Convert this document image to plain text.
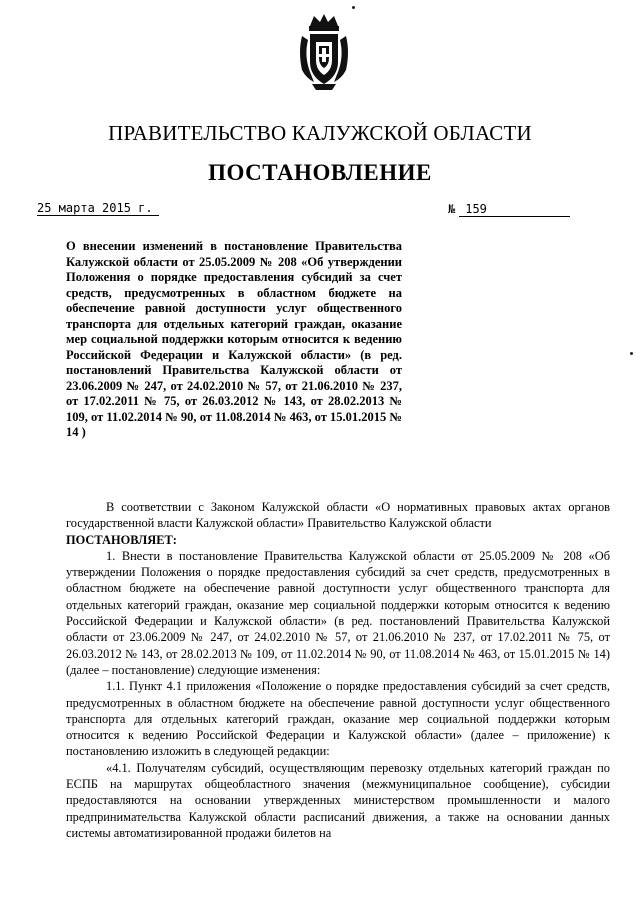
ПРАВИТЕЛЬСТВО КАЛУЖСКОЙ ОБЛАСТИ
ПОСТАНОВЛЕНИЕ
25 марта 2015 г.	№ 159
О внесении изменений в постановление Правительства Калужской области от 25.05.2009 № 208 «Об утверждении Положения о порядке предоставления субсидий за счет средств, предусмотренных в областном бюджете на обеспечение равной доступности услуг общественного транспорта для отдельных категорий граждан, оказание мер социальной поддержки которым относится к ведению Российской Федерации и Калужской области» (в ред. постановлений Правительства Калужской области от 23.06.2009 № 247, от 24.02.2010 № 57, от 21.06.2010 № 237, от 17.02.2011 № 75, от 26.03.2012 № 143, от 28.02.2013 № 109, от 11.02.2014 № 90, от 11.08.2014 № 463, от 15.01.2015 № 14 )

В соответствии с Законом Калужской области «О нормативных правовых актах органов государственной власти Калужской области» Правительство Калужской области

ПОСТАНОВЛЯЕТ:

1. Внести в постановление Правительства Калужской области от 25.05.2009 № 208 «Об утверждении Положения о порядке предоставления субсидий за счет средств, предусмотренных в областном бюджете на обеспечение равной доступности услуг общественного транспорта для отдельных категорий граждан, оказание мер социальной поддержки которым относится к ведению Российской Федерации и Калужской области» (в ред. постановлений Правительства Калужской области от 23.06.2009 № 247, от 24.02.2010 № 57, от 21.06.2010 № 237, от 17.02.2011 № 75, от 26.03.2012 № 143, от 28.02.2013 № 109, от 11.02.2014 № 90, от 11.08.2014 № 463, от 15.01.2015 № 14) (далее – постановление) следующие изменения:

1.1. Пункт 4.1 приложения «Положение о порядке предоставления субсидий за счет средств, предусмотренных в областном бюджете на обеспечение равной доступности услуг общественного транспорта для отдельных категорий граждан, оказание мер социальной поддержки которым относится к ведению Российской Федерации и Калужской области» (далее – приложение) к постановлению изложить в следующей редакции:

«4.1. Получателям субсидий, осуществляющим перевозку отдельных категорий граждан по ЕСПБ на маршрутах общеобластного значения (межмуниципальное сообщение), субсидии предоставляются на основании утвержденных министерством промышленности и малого предпринимательства Калужской области расписаний движения, а также на основании данных системы автоматизированной продажи билетов на
